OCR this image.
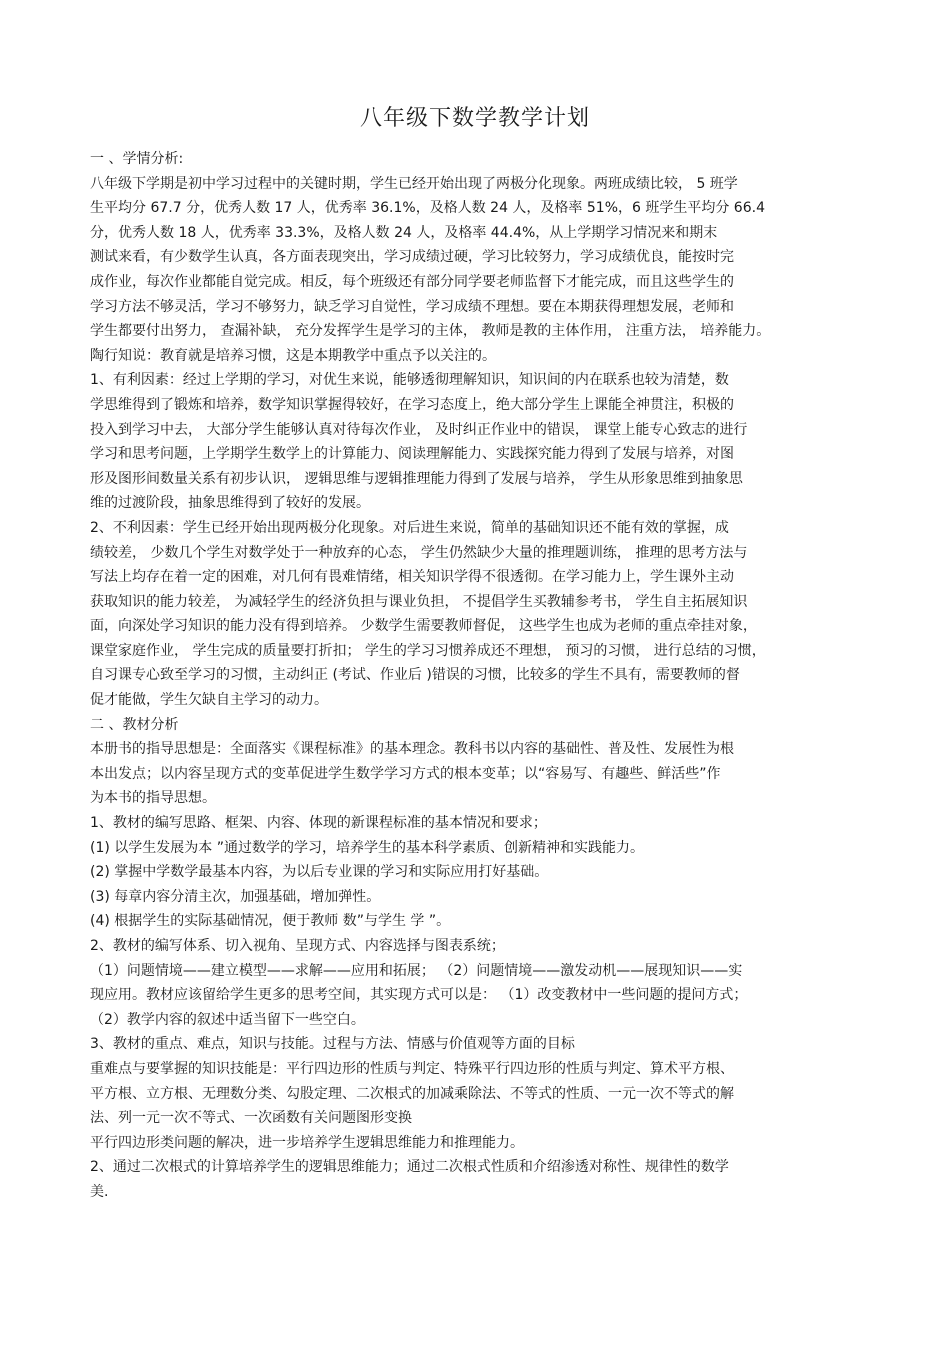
八年级下数学教学计划
一 、学情分析:
八年级下学期是初中学习过程中的关键时期，学生已经开始出现了两极分化现象。两班成绩比较， 5 班学
生平均分 67.7 分，优秀人数 17 人，优秀率 36.1%，及格人数 24 人，及格率 51%，6 班学生平均分 66.4
分，优秀人数 18 人，优秀率 33.3%，及格人数 24 人，及格率 44.4%，从上学期学习情况来和期末
测试来看，有少数学生认真，各方面表现突出，学习成绩过硬，学习比较努力，学习成绩优良，能按时完
成作业，每次作业都能自觉完成。相反，每个班级还有部分同学要老师监督下才能完成，而且这些学生的
学习方法不够灵活，学习不够努力，缺乏学习自觉性，学习成绩不理想。要在本期获得理想发展，老师和
学生都要付出努力， 查漏补缺， 充分发挥学生是学习的主体， 教师是教的主体作用， 注重方法， 培养能力。
陶行知说：教育就是培养习惯，这是本期教学中重点予以关注的。
1、有利因素：经过上学期的学习，对优生来说，能够透彻理解知识，知识间的内在联系也较为清楚，数
学思维得到了锻炼和培养，数学知识掌握得较好，在学习态度上，绝大部分学生上课能全神贯注，积极的
投入到学习中去， 大部分学生能够认真对待每次作业， 及时纠正作业中的错误， 课堂上能专心致志的进行
学习和思考问题，上学期学生数学上的计算能力、阅读理解能力、实践探究能力得到了发展与培养，对图
形及图形间数量关系有初步认识， 逻辑思维与逻辑推理能力得到了发展与培养， 学生从形象思维到抽象思
维的过渡阶段，抽象思维得到了较好的发展。
2、不利因素：学生已经开始出现两极分化现象。对后进生来说，简单的基础知识还不能有效的掌握，成
绩较差， 少数几个学生对数学处于一种放弃的心态， 学生仍然缺少大量的推理题训练， 推理的思考方法与
写法上均存在着一定的困难，对几何有畏难情绪，相关知识学得不很透彻。在学习能力上，学生课外主动
获取知识的能力较差， 为减轻学生的经济负担与课业负担， 不提倡学生买教辅参考书， 学生自主拓展知识
面，向深处学习知识的能力没有得到培养。 少数学生需要教师督促， 这些学生也成为老师的重点牵挂对象，
课堂家庭作业， 学生完成的质量要打折扣； 学生的学习习惯养成还不理想， 预习的习惯， 进行总结的习惯，
自习课专心致至学习的习惯，主动纠正 (考试、作业后 )错误的习惯，比较多的学生不具有，需要教师的督
促才能做，学生欠缺自主学习的动力。
二 、教材分析
本册书的指导思想是：全面落实《课程标准》的基本理念。教科书以内容的基础性、普及性、发展性为根
本出发点；以内容呈现方式的变革促进学生数学学习方式的根本变革；以“容易写、有趣些、鲜活些”作
为本书的指导思想。
1、教材的编写思路、框架、内容、体现的新课程标准的基本情况和要求；
(1) 以学生发展为本 ”通过数学的学习，培养学生的基本科学素质、创新精神和实践能力。
(2) 掌握中学数学最基本内容，为以后专业课的学习和实际应用打好基础。
(3) 每章内容分清主次，加强基础，增加弹性。
(4) 根据学生的实际基础情况，便于教师 数”与学生 学 ”。
2、教材的编写体系、切入视角、呈现方式、内容选择与图表系统；
（1）问题情境——建立模型——求解——应用和拓展； （2）问题情境——激发动机——展现知识——实
现应用。教材应该留给学生更多的思考空间，其实现方式可以是： （1）改变教材中一些问题的提问方式；
（2）教学内容的叙述中适当留下一些空白。
3、教材的重点、难点，知识与技能。过程与方法、情感与价值观等方面的目标
重难点与要掌握的知识技能是：平行四边形的性质与判定、特殊平行四边形的性质与判定、算术平方根、
平方根、立方根、无理数分类、勾股定理、二次根式的加减乘除法、不等式的性质、一元一次不等式的解
法、列一元一次不等式、一次函数有关问题图形变换
平行四边形类问题的解决，进一步培养学生逻辑思维能力和推理能力。
2、通过二次根式的计算培养学生的逻辑思维能力；通过二次根式性质和介绍渗透对称性、规律性的数学
美.
